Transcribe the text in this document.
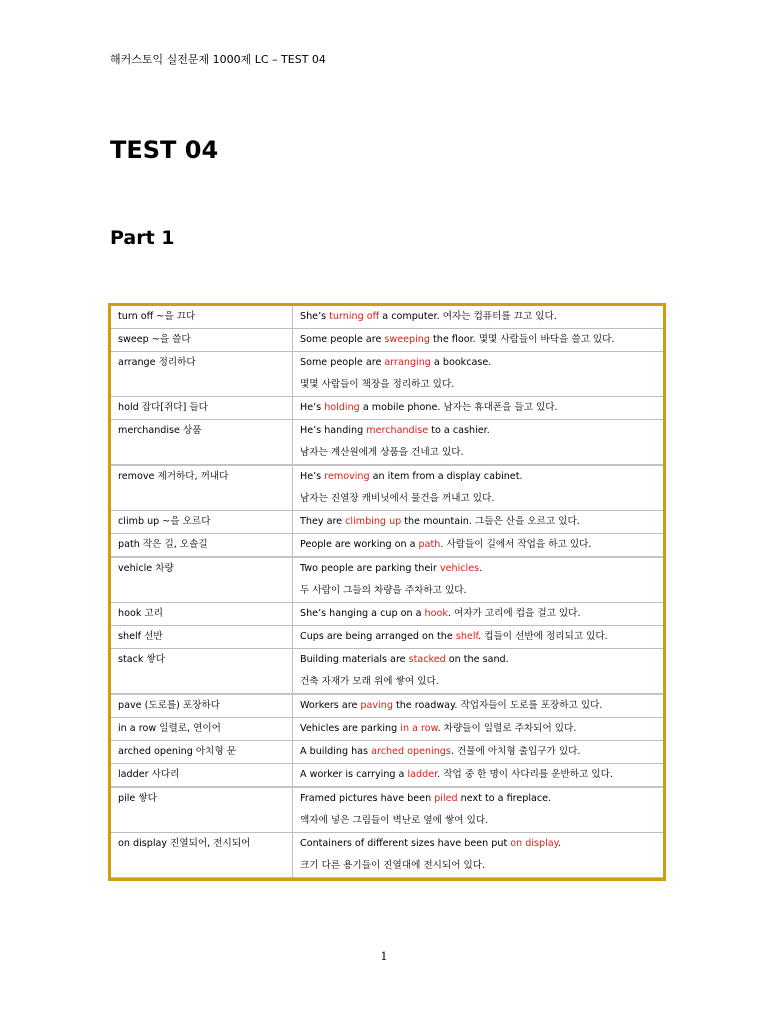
해커스토익 실전문제 1000제 LC – TEST 04
TEST 04
Part 1
turn off ~을 끄다	She’s turning off a computer. 여자는 컴퓨터를 끄고 있다.
sweep ~을 쓸다	Some people are sweeping the floor. 몇몇 사람들이 바닥을 쓸고 있다.
arrange 정리하다	Some people are arranging a bookcase.
몇몇 사람들이 책장을 정리하고 있다.

hold 잡다[쥐다] 들다	He’s holding a mobile phone. 남자는 휴대폰을 들고 있다.
merchandise 상품	He’s handing merchandise to a cashier.
남자는 계산원에게 상품을 건네고 있다.

remove 제거하다, 꺼내다	He’s removing an item from a display cabinet.
남자는 진열장 캐비닛에서 물건을 꺼내고 있다.

climb up ~을 오르다	They are climbing up the mountain. 그들은 산을 오르고 있다.
path 작은 길, 오솔길	People are working on a path. 사람들이 길에서 작업을 하고 있다.
vehicle 차량	Two people are parking their vehicles.
두 사람이 그들의 차량을 주차하고 있다.

hook 고리	She’s hanging a cup on a hook. 여자가 고리에 컵을 걸고 있다.
shelf 선반	Cups are being arranged on the shelf. 컵들이 선반에 정리되고 있다.
stack 쌓다	Building materials are stacked on the sand.
건축 자재가 모래 위에 쌓여 있다.

pave (도로를) 포장하다	Workers are paving the roadway. 작업자들이 도로를 포장하고 있다.
in a row 일렬로, 연이어	Vehicles are parking in a row. 차량들이 일렬로 주차되어 있다.
arched opening 아치형 문	A building has arched openings. 건물에 아치형 출입구가 있다.
ladder 사다리	A worker is carrying a ladder. 작업 중 한 명이 사다리를 운반하고 있다.
pile 쌓다	Framed pictures have been piled next to a fireplace.
액자에 넣은 그림들이 벽난로 옆에 쌓여 있다.

on display 진열되어, 전시되어	Containers of different sizes have been put on display.
크기 다른 용기들이 진열대에 전시되어 있다.
1
